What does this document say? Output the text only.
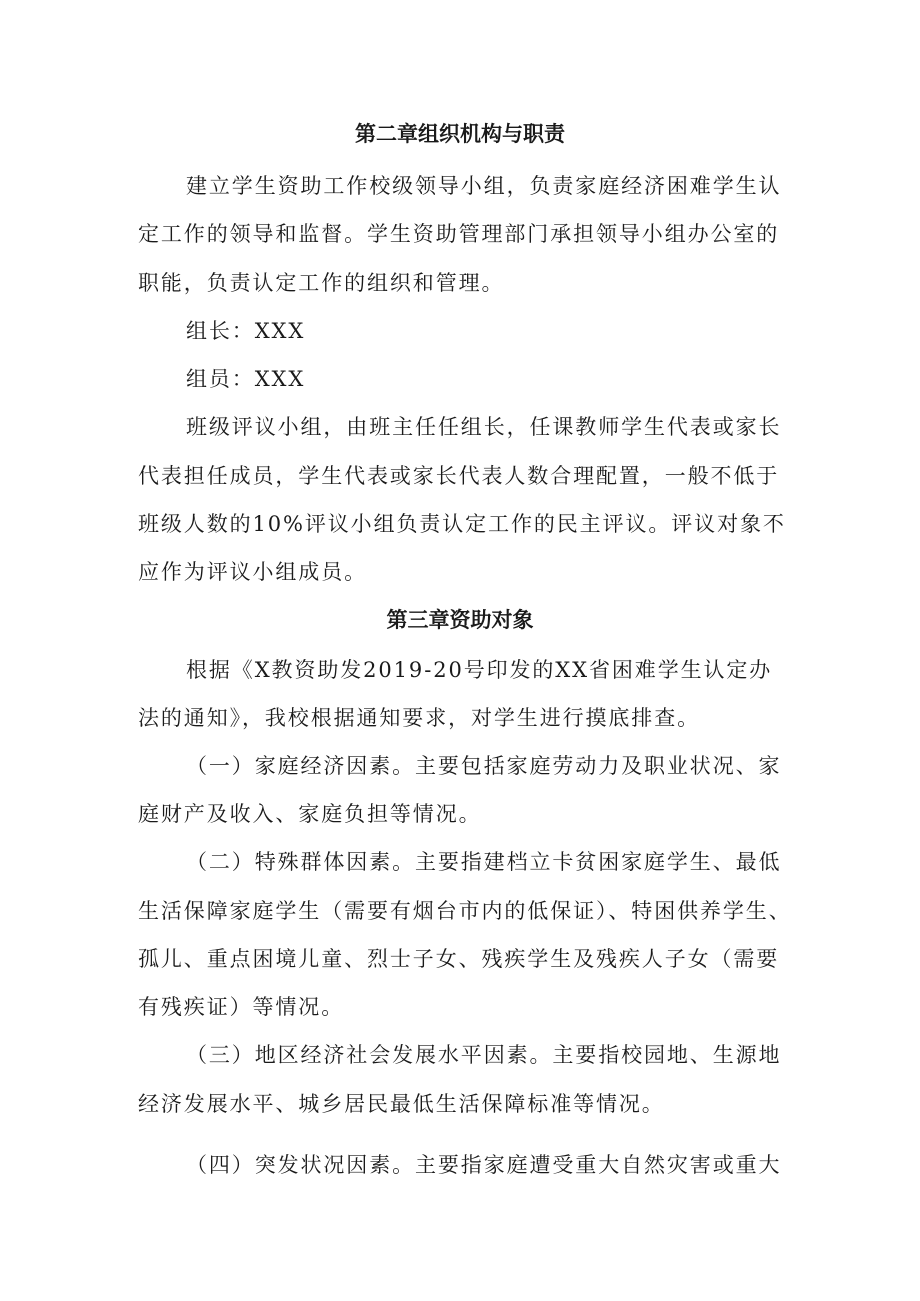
第二章组织机构与职责
建立学生资助工作校级领导小组，负责家庭经济困难学生认
定工作的领导和监督。学生资助管理部门承担领导小组办公室的
职能，负责认定工作的组织和管理。
组长：XXX
组员：XXX
班级评议小组，由班主任任组长，任课教师学生代表或家长
代表担任成员，学生代表或家长代表人数合理配置，一般不低于
班级人数的10%评议小组负责认定工作的民主评议。评议对象不
应作为评议小组成员。
第三章资助对象
根据《X教资助发2019-20号印发的XX省困难学生认定办
法的通知》，我校根据通知要求，对学生进行摸底排查。
（一）家庭经济因素。主要包括家庭劳动力及职业状况、家
庭财产及收入、家庭负担等情况。
（二）特殊群体因素。主要指建档立卡贫困家庭学生、最低
生活保障家庭学生（需要有烟台市内的低保证）、特困供养学生、
孤儿、重点困境儿童、烈士子女、残疾学生及残疾人子女（需要
有残疾证）等情况。
（三）地区经济社会发展水平因素。主要指校园地、生源地
经济发展水平、城乡居民最低生活保障标准等情况。
（四）突发状况因素。主要指家庭遭受重大自然灾害或重大
